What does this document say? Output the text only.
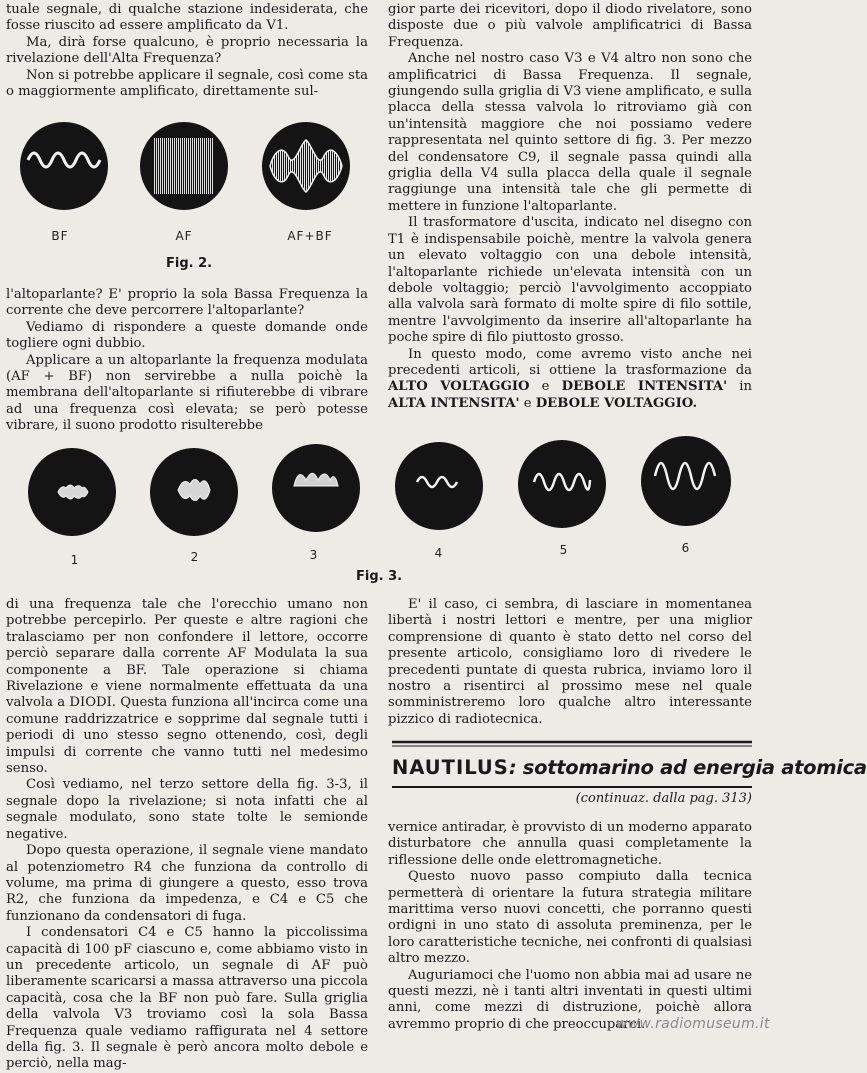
tuale segnale, di qualche stazione indesiderata, che fosse riuscito ad essere amplificato da V1.

Ma, dirà forse qualcuno, è proprio necessaria la rivelazione dell'Alta Frequenza?

Non si potrebbe applicare il segnale, così come sta o maggiormente amplificato, direttamente sul-

BF	AF	AF+BF
Fig. 2.

l'altoparlante? E' proprio la sola Bassa Frequenza la corrente che deve percorrere l'altoparlante?

Vediamo di rispondere a queste domande onde togliere ogni dubbio.

Applicare a un altoparlante la frequenza modulata (AF + BF) non servirebbe a nulla poichè la membrana dell'altoparlante si rifiuterebbe di vibrare ad una frequenza così elevata; se però potesse vibrare, il suono prodotto risulterebbe

gior parte dei ricevitori, dopo il diodo rivelatore, sono disposte due o più valvole amplificatrici di Bassa Frequenza.

Anche nel nostro caso V3 e V4 altro non sono che amplificatrici di Bassa Frequenza. Il segnale, giungendo sulla griglia di V3 viene amplificato, e sulla placca della stessa valvola lo ritroviamo già con un'intensità maggiore che noi possiamo vedere rappresentata nel quinto settore di fig. 3. Per mezzo del condensatore C9, il segnale passa quindi alla griglia della V4 sulla placca della quale il segnale raggiunge una intensità tale che gli permette di mettere in funzione l'altoparlante.

Il trasformatore d'uscita, indicato nel disegno con T1 è indispensabile poichè, mentre la valvola genera un elevato voltaggio con una debole intensità, l'altoparlante richiede un'elevata intensità con un debole voltaggio; perciò l'avvolgimento accoppiato alla valvola sarà formato di molte spire di filo sottile, mentre l'avvolgimento da inserire all'altoparlante ha poche spire di filo piuttosto grosso.

In questo modo, come avremo visto anche nei precedenti articoli, si ottiene la trasformazione da ALTO VOLTAGGIO e DEBOLE INTENSITA' in ALTA INTENSITA' e DEBOLE VOLTAGGIO.

1	2	3	4	5	6
Fig. 3.

di una frequenza tale che l'orecchio umano non potrebbe percepirlo. Per queste e altre ragioni che tralasciamo per non confondere il lettore, occorre perciò separare dalla corrente AF Modulata la sua componente a BF. Tale operazione si chiama Rivelazione e viene normalmente effettuata da una valvola a DIODI. Questa funziona all'incirca come una comune raddrizzatrice e sopprime dal segnale tutti i periodi di uno stesso segno ottenendo, così, degli impulsi di corrente che vanno tutti nel medesimo senso.

Così vediamo, nel terzo settore della fig. 3-3, il segnale dopo la rivelazione; si nota infatti che al segnale modulato, sono state tolte le semionde negative.

Dopo questa operazione, il segnale viene mandato al potenziometro R4 che funziona da controllo di volume, ma prima di giungere a questo, esso trova R2, che funziona da impedenza, e C4 e C5 che funzionano da condensatori di fuga.

I condensatori C4 e C5 hanno la piccolissima capacità di 100 pF ciascuno e, come abbiamo visto in un precedente articolo, un segnale di AF può liberamente scaricarsi a massa attraverso una piccola capacità, cosa che la BF non può fare. Sulla griglia della valvola V3 troviamo così la sola Bassa Frequenza quale vediamo raffigurata nel 4 settore della fig. 3. Il segnale è però ancora molto debole e perciò, nella mag-

E' il caso, ci sembra, di lasciare in momentanea libertà i nostri lettori e mentre, per una miglior comprensione di quanto è stato detto nel corso del presente articolo, consigliamo loro di rivedere le precedenti puntate di questa rubrica, inviamo loro il nostro a risentirci al prossimo mese nel quale somministreremo loro qualche altro interessante pizzico di radiotecnica.

NAUTILUS: sottomarino ad energia atomica
(continuaz. dalla pag. 313)

vernice antiradar, è provvisto di un moderno apparato disturbatore che annulla quasi completamente la riflessione delle onde elettromagnetiche.

Questo nuovo passo compiuto dalla tecnica permetterà di orientare la futura strategia militare marittima verso nuovi concetti, che porranno questi ordigni in uno stato di assoluta preminenza, per le loro caratteristiche tecniche, nei confronti di qualsiasi altro mezzo.

Auguriamoci che l'uomo non abbia mai ad usare ne questi mezzi, nè i tanti altri inventati in questi ultimi anni, come mezzi di distruzione, poichè allora avremmo proprio di che preoccuparci.

www.radiomuseum.it
